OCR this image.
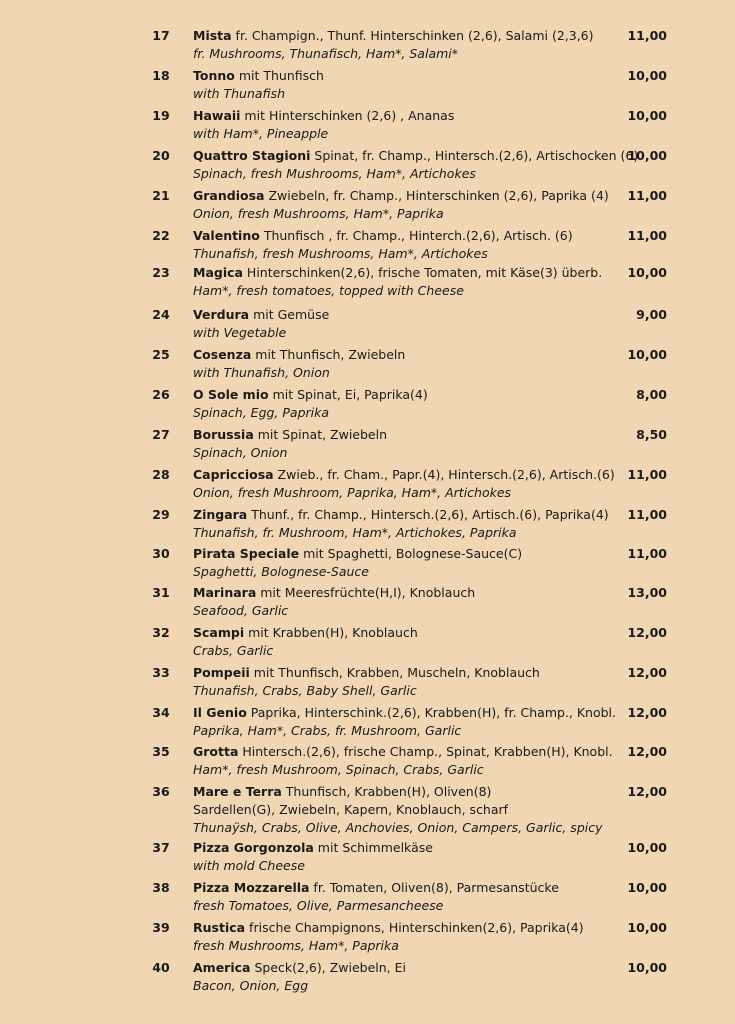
17	Mista fr. Champign., Thunf. Hinterschinken (2,6), Salami (2,3,6)
fr. Mushrooms, Thunafisch, Ham*, Salami*
11,00
18	Tonno mit Thunfisch
with Thunafish
10,00
19	Hawaii mit Hinterschinken (2,6) , Ananas
with Ham*, Pineapple
10,00
20	Quattro Stagioni Spinat, fr. Champ., Hintersch.(2,6), Artischocken (6)
Spinach, fresh Mushrooms, Ham*, Artichokes
10,00
21	Grandiosa Zwiebeln, fr. Champ., Hinterschinken (2,6), Paprika (4)
Onion, fresh Mushrooms, Ham*, Paprika
11,00
22	Valentino Thunfisch , fr. Champ., Hinterch.(2,6), Artisch. (6)
Thunafish, fresh Mushrooms, Ham*, Artichokes
11,00
23	Magica Hinterschinken(2,6), frische Tomaten, mit Käse(3) überb.
Ham*, fresh tomatoes, topped with Cheese
10,00
24	Verdura mit Gemüse
with Vegetable
9,00
25	Cosenza mit Thunfisch, Zwiebeln
with Thunafish, Onion
10,00
26	O Sole mio mit Spinat, Ei, Paprika(4)
Spinach, Egg, Paprika
8,00
27	Borussia mit Spinat, Zwiebeln
Spinach, Onion
8,50
28	Capricciosa Zwieb., fr. Cham., Papr.(4), Hintersch.(2,6), Artisch.(6)
Onion, fresh Mushroom, Paprika, Ham*, Artichokes
11,00
29	Zingara Thunf., fr. Champ., Hintersch.(2,6), Artisch.(6), Paprika(4)
Thunafish, fr. Mushroom, Ham*, Artichokes, Paprika
11,00
30	Pirata Speciale mit Spaghetti, Bolognese-Sauce(C)
Spaghetti, Bolognese-Sauce
11,00
31	Marinara mit Meeresfrüchte(H,I), Knoblauch
Seafood, Garlic
13,00
32	Scampi mit Krabben(H), Knoblauch
Crabs, Garlic
12,00
33	Pompeii mit Thunfisch, Krabben, Muscheln, Knoblauch
Thunafish, Crabs, Baby Shell, Garlic
12,00
34	Il Genio Paprika, Hinterschink.(2,6), Krabben(H), fr. Champ., Knobl.
Paprika, Ham*, Crabs, fr. Mushroom, Garlic
12,00
35	Grotta Hintersch.(2,6), frische Champ., Spinat, Krabben(H), Knobl.
Ham*, fresh Mushroom, Spinach, Crabs, Garlic
12,00
36	Mare e Terra Thunfisch, Krabben(H), Oliven(8)
Sardellen(G), Zwiebeln, Kapern, Knoblauch, scharf
Thunaÿsh, Crabs, Olive, Anchovies, Onion, Campers, Garlic, spicy
12,00
37	Pizza Gorgonzola mit Schimmelkäse
with mold Cheese
10,00
38	Pizza Mozzarella fr. Tomaten, Oliven(8), Parmesanstücke
fresh Tomatoes, Olive, Parmesancheese
10,00
39	Rustica frische Champignons, Hinterschinken(2,6), Paprika(4)
fresh Mushrooms, Ham*, Paprika
10,00
40	America Speck(2,6), Zwiebeln, Ei
Bacon, Onion, Egg
10,00
